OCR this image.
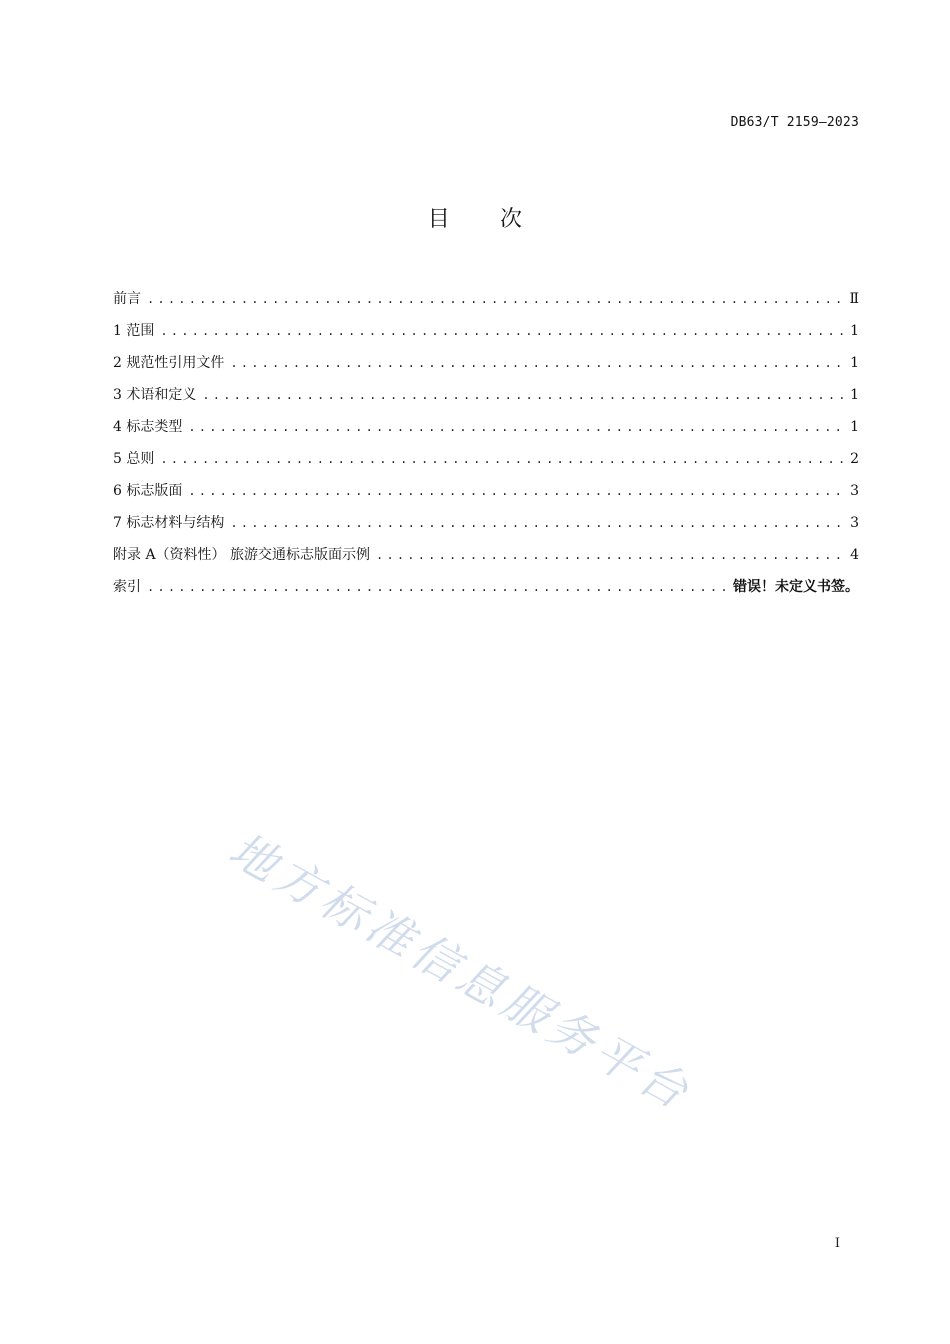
DB63/T 2159—2023
目 次
前言 .....	Ⅱ
1 范围 .....	1
2 规范性引用文件 .....	1
3 术语和定义 .....	1
4 标志类型 .....	1
5 总则 .....	2
6 标志版面 .....	3
7 标志材料与结构 .....	3
附录 A（资料性） 旅游交通标志版面示例 .....	4
索引 .....	错误！未定义书签。
地方标准信息服务平台
I
